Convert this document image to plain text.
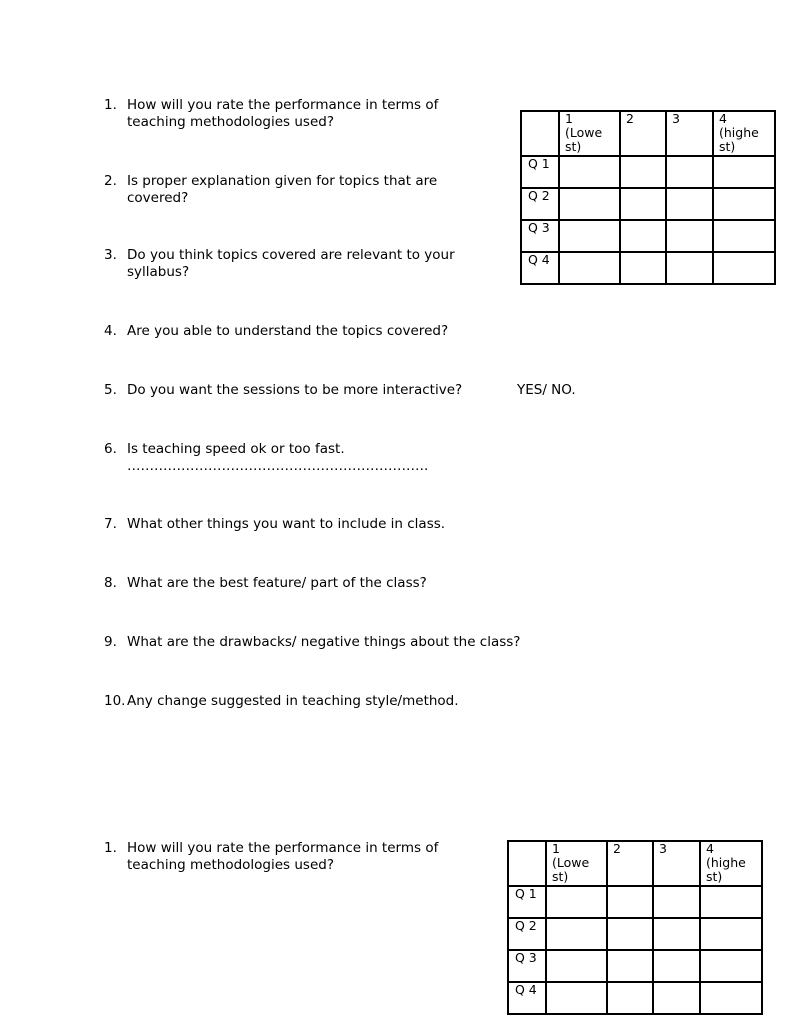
1. How will you rate the performance in terms of teaching methodologies used?
2. Is proper explanation given for topics that are covered?
3. Do you think topics covered are relevant to your syllabus?
4. Are you able to understand the topics covered?
5. Do you want the sessions to be more interactive?	YES/ NO.
6. Is teaching speed ok or too fast.
………………………………………………………….
7. What other things you want to include in class.
8. What are the best feature/ part of the class?
9. What are the drawbacks/ negative things about the class?
10. Any change suggested in teaching style/method.
	1 (Lowe st)	2	3	4 (highe st)
Q 1				
Q 2				
Q 3				
Q 4				
1. How will you rate the performance in terms of teaching methodologies used?
	1 (Lowe st)	2	3	4 (highe st)
Q 1				
Q 2				
Q 3				
Q 4				
